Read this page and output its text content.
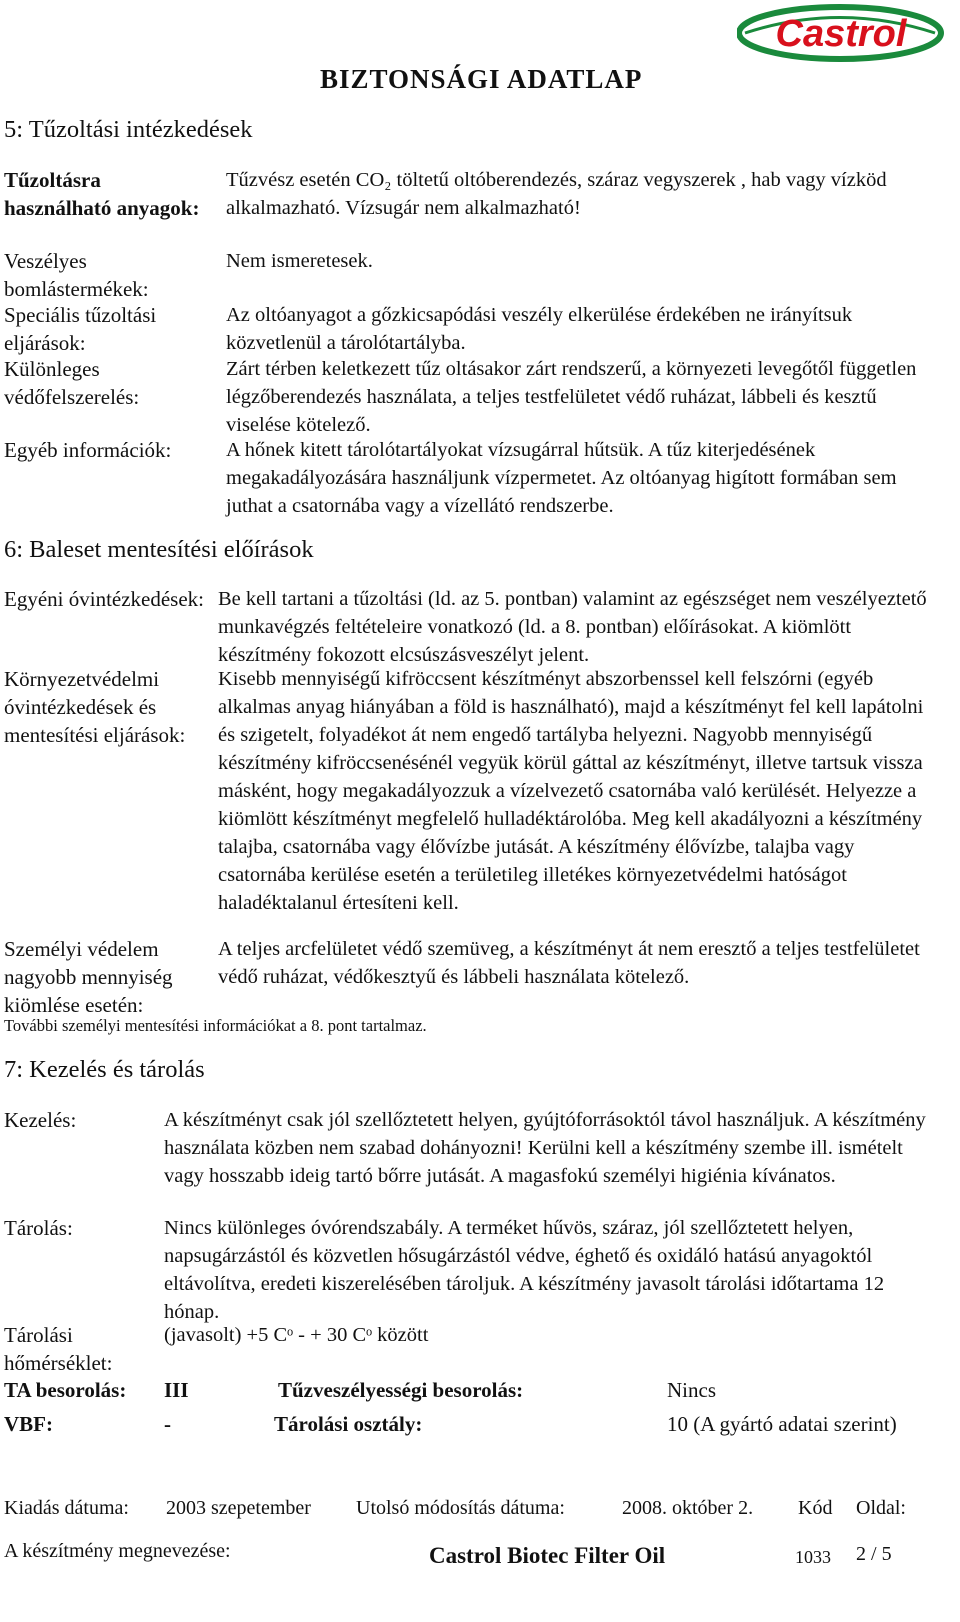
BIZTONSÁGI ADATLAP
Castrol
5: Tűzoltási intézkedések
Tűzoltásra használható anyagok:
Tűzvész esetén CO₂ töltetű oltóberendezés, száraz vegyszerek , hab vagy vízköd alkalmazható. Vízsugár nem alkalmazható!
Veszélyes bomlástermékek:
Nem ismeretesek.
Speciális tűzoltási eljárások:
Az oltóanyagot a gőzkicsapódási veszély elkerülése érdekében ne irányítsuk közvetlenül a tárolótartályba.
Különleges védőfelszerelés:
Zárt térben keletkezett tűz oltásakor zárt rendszerű, a környezeti levegőtől független légzőberendezés használata, a teljes testfelületet védő ruházat, lábbeli és kesztű viselése kötelező.
Egyéb információk:	A hőnek kitett tárolótartályokat vízsugárral hűtsük. A tűz kiterjedésének megakadályozására használjunk vízpermetet. Az oltóanyag higított formában sem juthat a csatornába vagy a vízellátó rendszerbe.
6: Baleset mentesítési előírások
Egyéni óvintézkedések: Be kell tartani a tűzoltási (ld. az 5. pontban) valamint az egészséget nem veszélyeztető munkavégzés feltételeire vonatkozó (ld. a 8. pontban) előírásokat. A kiömlött készítmény fokozott elcsúszásveszélyt jelent.
Környezetvédelmi óvintézkedések és mentesítési eljárások:
Kisebb mennyiségű kifröccsent készítményt abszorbenssel kell felszórni (egyéb alkalmas anyag hiányában a föld is használható), majd a készítményt fel kell lapátolni és szigetelt, folyadékot át nem engedő tartályba helyezni. Nagyobb mennyiségű készítmény kifröccsenésénél vegyük körül gáttal az készítményt, illetve tartsuk vissza másként, hogy megakadályozzuk a vízelvezető csatornába való kerülését. Helyezze a kiömlött készítményt megfelelő hulladéktárolóba. Meg kell akadályozni a készítmény talajba, csatornába vagy élővízbe jutását. A készítmény élővízbe, talajba vagy csatornába kerülése esetén a területileg illetékes környezetvédelmi hatóságot haladéktalanul értesíteni kell.
Személyi védelem nagyobb mennyiség kiömlése esetén:
A teljes arcfelületet védő szemüveg, a készítményt át nem eresztő a teljes testfelületet védő ruházat, védőkesztyű és lábbeli használata kötelező.
További személyi mentesítési információkat a 8. pont tartalmaz.
7: Kezelés és tárolás
Kezelés:	A készítményt csak jól szellőztetett helyen, gyújtóforrásoktól távol használjuk. A készítmény használata közben nem szabad dohányozni! Kerülni kell a készítmény szembe ill. ismételt vagy hosszabb ideig tartó bőrre jutását. A magasfokú személyi higiénia kívánatos.
Tárolás:	Nincs különleges óvórendszabály. A terméket hűvös, száraz, jól szellőztetett helyen, napsugárzástól és közvetlen hősugárzástól védve, éghető és oxidáló hatású anyagoktól eltávolítva, eredeti kiszerelésében tároljuk. A készítmény javasolt tárolási időtartama 12 hónap.
Tárolási hőmérséklet:
(javasolt) +5 Cᵒ - + 30 Cᵒ között
TA besorolás: III	Tűzveszélyességi besorolás:	Nincs
VBF:	-	Tárolási osztály:	10 (A gyártó adatai szerint)
Kiadás dátuma: 2003 szepetember Utolsó módosítás dátuma:	2008. október 2. Kód Oldal:
A készítmény megnevezése:	Castrol Biotec Filter Oil	1033 2 / 5
